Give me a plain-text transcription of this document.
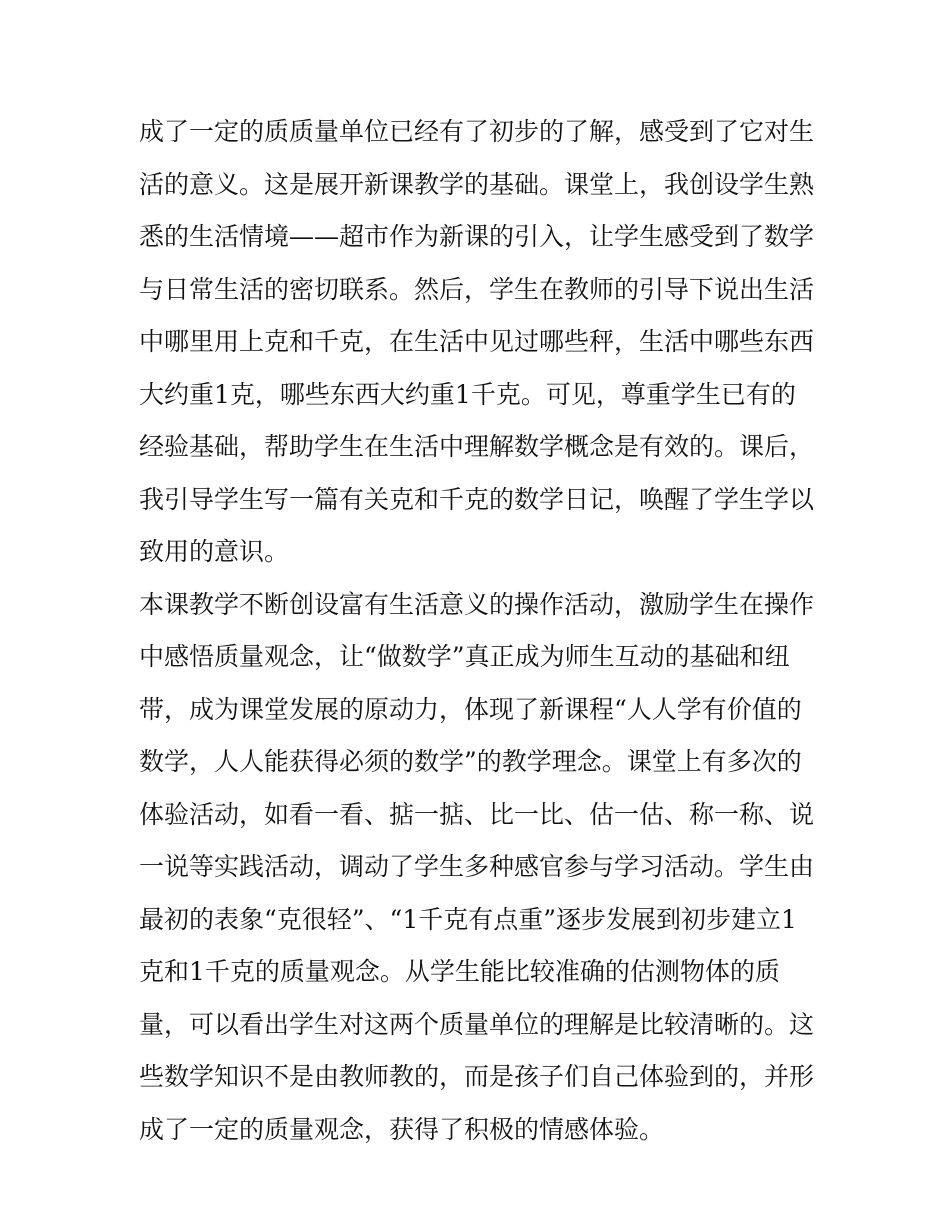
成了一定的质质量单位已经有了初步的了解，感受到了它对生
活的意义。这是展开新课教学的基础。课堂上，我创设学生熟
悉的生活情境——超市作为新课的引入，让学生感受到了数学
与日常生活的密切联系。然后，学生在教师的引导下说出生活
中哪里用上克和千克，在生活中见过哪些秤，生活中哪些东西
大约重1克，哪些东西大约重1千克。可见，尊重学生已有的
经验基础，帮助学生在生活中理解数学概念是有效的。课后，
我引导学生写一篇有关克和千克的数学日记，唤醒了学生学以
致用的意识。
本课教学不断创设富有生活意义的操作活动，激励学生在操作
中感悟质量观念，让“做数学”真正成为师生互动的基础和纽
带，成为课堂发展的原动力，体现了新课程“人人学有价值的
数学，人人能获得必须的数学”的教学理念。课堂上有多次的
体验活动，如看一看、掂一掂、比一比、估一估、称一称、说
一说等实践活动，调动了学生多种感官参与学习活动。学生由
最初的表象“克很轻”、“1千克有点重”逐步发展到初步建立1
克和1千克的质量观念。从学生能比较准确的估测物体的质
量，可以看出学生对这两个质量单位的理解是比较清晰的。这
些数学知识不是由教师教的，而是孩子们自己体验到的，并形
成了一定的质量观念，获得了积极的情感体验。
